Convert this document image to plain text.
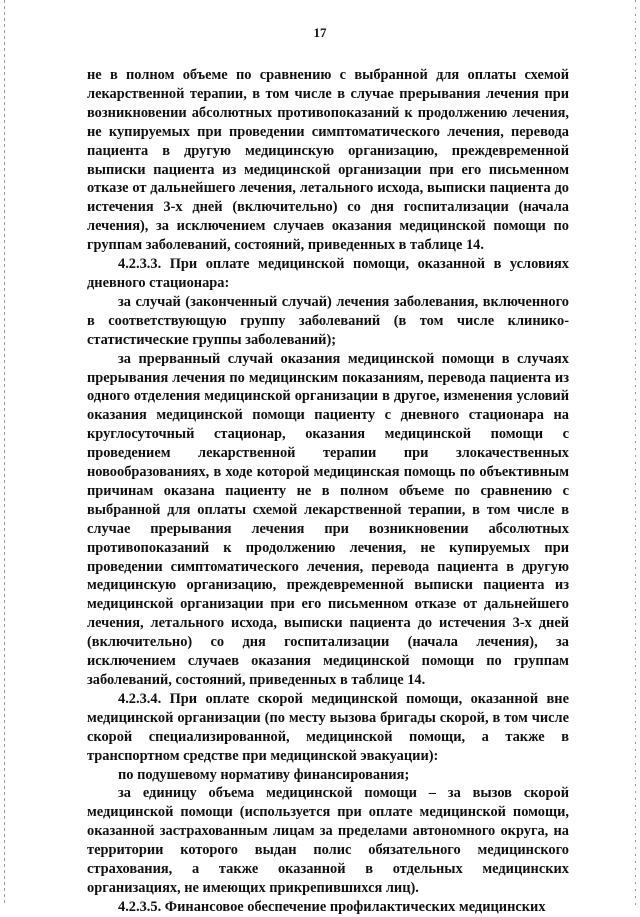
17

не в полном объеме по сравнению с выбранной для оплаты схемой лекарственной терапии, в том числе в случае прерывания лечения при возникновении абсолютных противопоказаний к продолжению лечения, не купируемых при проведении симптоматического лечения, перевода пациента в другую медицинскую организацию, преждевременной выписки пациента из медицинской организации при его письменном отказе от дальнейшего лечения, летального исхода, выписки пациента до истечения 3-х дней (включительно) со дня госпитализации (начала лечения), за исключением случаев оказания медицинской помощи по группам заболеваний, состояний, приведенных в таблице 14.

4.2.3.3. При оплате медицинской помощи, оказанной в условиях дневного стационара:

за случай (законченный случай) лечения заболевания, включенного в соответствующую группу заболеваний (в том числе клинико-статистические группы заболеваний);

за прерванный случай оказания медицинской помощи в случаях прерывания лечения по медицинским показаниям, перевода пациента из одного отделения медицинской организации в другое, изменения условий оказания медицинской помощи пациенту с дневного стационара на круглосуточный стационар, оказания медицинской помощи с проведением лекарственной терапии при злокачественных новообразованиях, в ходе которой медицинская помощь по объективным причинам оказана пациенту не в полном объеме по сравнению с выбранной для оплаты схемой лекарственной терапии, в том числе в случае прерывания лечения при возникновении абсолютных противопоказаний к продолжению лечения, не купируемых при проведении симптоматического лечения, перевода пациента в другую медицинскую организацию, преждевременной выписки пациента из медицинской организации при его письменном отказе от дальнейшего лечения, летального исхода, выписки пациента до истечения 3-х дней (включительно) со дня госпитализации (начала лечения), за исключением случаев оказания медицинской помощи по группам заболеваний, состояний, приведенных в таблице 14.

4.2.3.4. При оплате скорой медицинской помощи, оказанной вне медицинской организации (по месту вызова бригады скорой, в том числе скорой специализированной, медицинской помощи, а также в транспортном средстве при медицинской эвакуации):

по подушевому нормативу финансирования;

за единицу объема медицинской помощи – за вызов скорой медицинской помощи (используется при оплате медицинской помощи, оказанной застрахованным лицам за пределами автономного округа, на территории которого выдан полис обязательного медицинского страхования, а также оказанной в отдельных медицинских организациях, не имеющих прикрепившихся лиц).

4.2.3.5. Финансовое обеспечение профилактических медицинских
